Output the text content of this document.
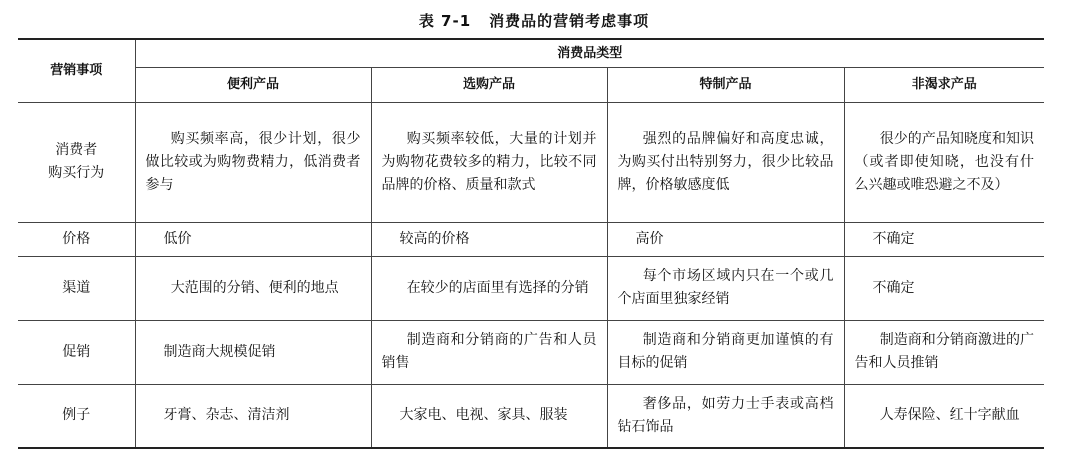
表 7-1 消费品的营销考虑事项
营销事项	消费品类型			
	便利产品	选购产品	特制产品	非渴求产品

消费者
购买行为	购买频率高，很少计划，很少做比较或为购物费精力，低消费者参与	购买频率较低，大量的计划并为购物花费较多的精力，比较不同品牌的价格、质量和款式	强烈的品牌偏好和高度忠诚，为购买付出特别努力，很少比较品牌，价格敏感度低	很少的产品知晓度和知识（或者即使知晓，也没有什么兴趣或唯恐避之不及）
价格	低价	较高的价格	高价	不确定
渠道	大范围的分销、便利的地点	在较少的店面里有选择的分销	每个市场区域内只在一个或几个店面里独家经销	不确定
促销	制造商大规模促销	制造商和分销商的广告和人员销售	制造商和分销商更加谨慎的有目标的促销	制造商和分销商激进的广告和人员推销
例子	牙膏、杂志、清洁剂	大家电、电视、家具、服装	奢侈品，如劳力士手表或高档钻石饰品	人寿保险、红十字献血
